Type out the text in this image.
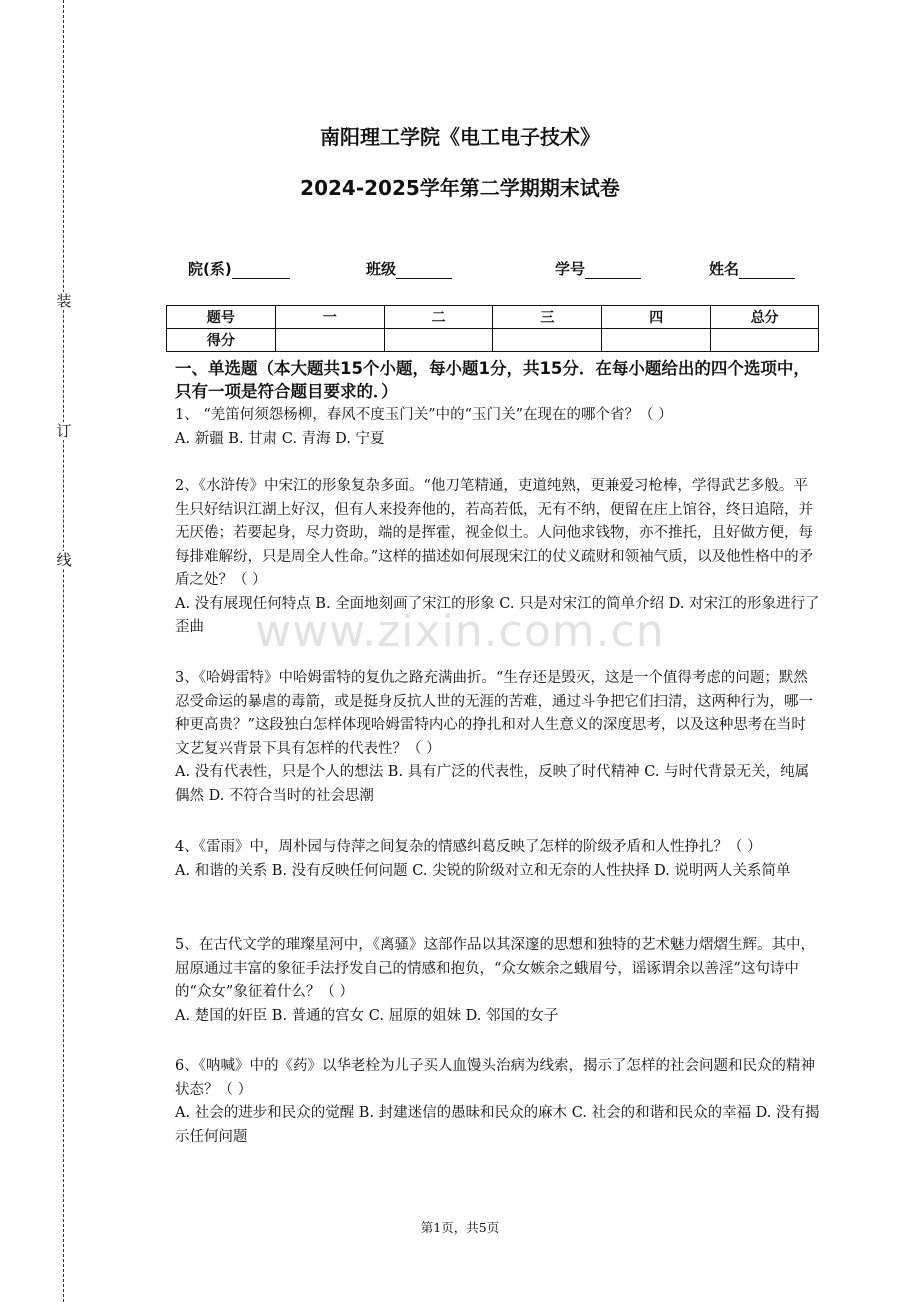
装
订
线
南阳理工学院《电工电子技术》
2024-2025学年第二学期期末试卷
院(系)	班级	学号	姓名
题号	一	二	三	四	总分
得分					
一、单选题（本大题共15个小题，每小题1分，共15分．在每小题给出的四个选项中，只有一项是符合题目要求的．）

1、 “羌笛何须怨杨柳，春风不度玉门关”中的“玉门关”在现在的哪个省？（ ）

A. 新疆 B. 甘肃 C. 青海 D. 宁夏

2、《水浒传》中宋江的形象复杂多面。“他刀笔精通，吏道纯熟，更兼爱习枪棒，学得武艺多般。平生只好结识江湖上好汉，但有人来投奔他的，若高若低，无有不纳，便留在庄上馆谷，终日追陪，并无厌倦；若要起身，尽力资助，端的是挥霍，视金似土。人问他求钱物，亦不推托，且好做方便，每每排难解纷，只是周全人性命。”这样的描述如何展现宋江的仗义疏财和领袖气质，以及他性格中的矛盾之处？（ ）

A. 没有展现任何特点 B. 全面地刻画了宋江的形象 C. 只是对宋江的简单介绍 D. 对宋江的形象进行了歪曲

3、《哈姆雷特》中哈姆雷特的复仇之路充满曲折。“生存还是毁灭，这是一个值得考虑的问题；默然忍受命运的暴虐的毒箭，或是挺身反抗人世的无涯的苦难，通过斗争把它们扫清，这两种行为，哪一种更高贵？”这段独白怎样体现哈姆雷特内心的挣扎和对人生意义的深度思考，以及这种思考在当时文艺复兴背景下具有怎样的代表性？（ ）

A. 没有代表性，只是个人的想法 B. 具有广泛的代表性，反映了时代精神 C. 与时代背景无关，纯属偶然 D. 不符合当时的社会思潮

4、《雷雨》中，周朴园与侍萍之间复杂的情感纠葛反映了怎样的阶级矛盾和人性挣扎？（ ）

A. 和谐的关系 B. 没有反映任何问题 C. 尖锐的阶级对立和无奈的人性抉择 D. 说明两人关系简单

5、在古代文学的璀璨星河中，《离骚》这部作品以其深邃的思想和独特的艺术魅力熠熠生辉。其中，屈原通过丰富的象征手法抒发自己的情感和抱负，“众女嫉余之蛾眉兮，谣诼谓余以善淫”这句诗中的“众女”象征着什么？（ ）

A. 楚国的奸臣 B. 普通的宫女 C. 屈原的姐妹 D. 邻国的女子

6、《呐喊》中的《药》以华老栓为儿子买人血馒头治病为线索，揭示了怎样的社会问题和民众的精神状态？（ ）

A. 社会的进步和民众的觉醒 B. 封建迷信的愚昧和民众的麻木 C. 社会的和谐和民众的幸福 D. 没有揭示任何问题

www.zixin.com.cn
第1页，共5页
